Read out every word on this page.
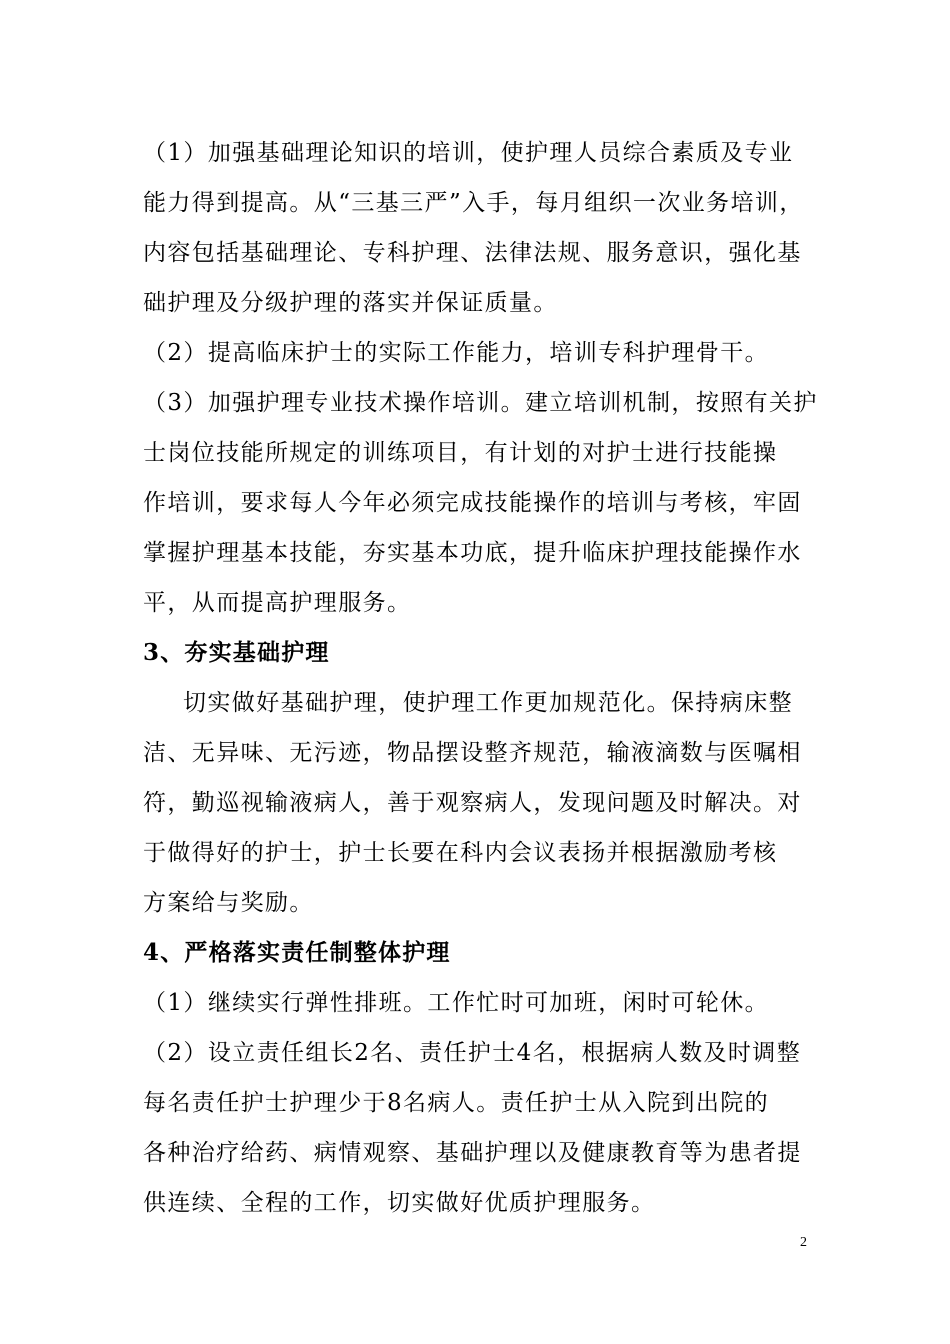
（1）加强基础理论知识的培训，使护理人员综合素质及专业
能力得到提高。从“三基三严”入手，每月组织一次业务培训，
内容包括基础理论、专科护理、法律法规、服务意识，强化基
础护理及分级护理的落实并保证质量。
（2）提高临床护士的实际工作能力，培训专科护理骨干。
（3）加强护理专业技术操作培训。建立培训机制，按照有关护
士岗位技能所规定的训练项目，有计划的对护士进行技能操
作培训，要求每人今年必须完成技能操作的培训与考核，牢固
掌握护理基本技能，夯实基本功底，提升临床护理技能操作水
平，从而提高护理服务。
3、夯实基础护理
切实做好基础护理，使护理工作更加规范化。保持病床整
洁、无异味、无污迹，物品摆设整齐规范，输液滴数与医嘱相
符，勤巡视输液病人，善于观察病人，发现问题及时解决。对
于做得好的护士，护士长要在科内会议表扬并根据激励考核
方案给与奖励。
4、严格落实责任制整体护理
（1）继续实行弹性排班。工作忙时可加班，闲时可轮休。
（2）设立责任组长2名、责任护士4名，根据病人数及时调整
每名责任护士护理少于8名病人。责任护士从入院到出院的
各种治疗给药、病情观察、基础护理以及健康教育等为患者提
供连续、全程的工作，切实做好优质护理服务。
2
